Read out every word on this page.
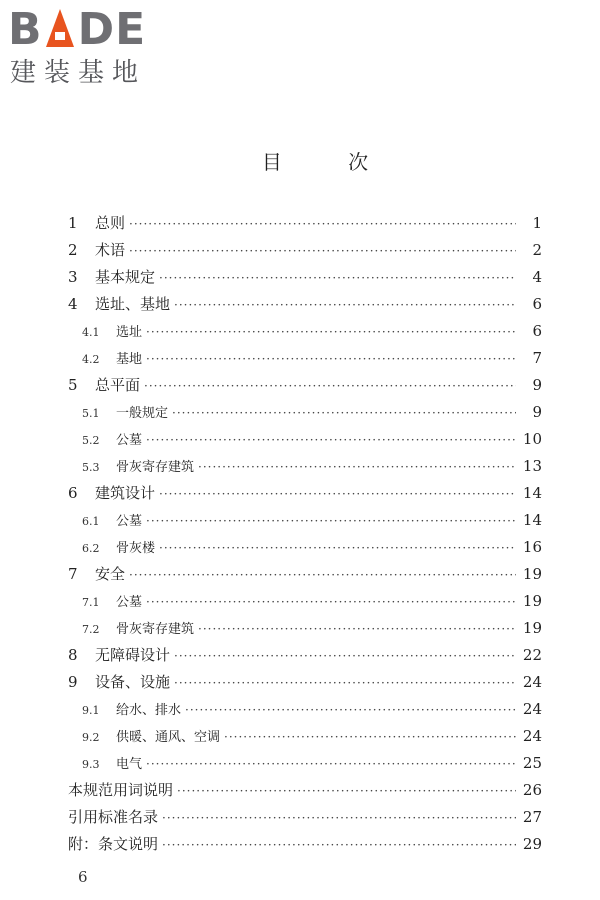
B DE
建装基地
目 次
1	总则 ·····	1
2	术语 ·····	2
3	基本规定 ·····	4
4	选址、基地 ·····	6
4.1	选址 ·····	6
4.2	基地 ·····	7
5	总平面 ·····	9
5.1	一般规定 ·····	9
5.2	公墓 ·····	10
5.3	骨灰寄存建筑 ·····	13
6	建筑设计 ·····	14
6.1	公墓 ·····	14
6.2	骨灰楼 ·····	16
7	安全 ·····	19
7.1	公墓 ·····	19
7.2	骨灰寄存建筑 ·····	19
8	无障碍设计 ·····	22
9	设备、设施 ·····	24
9.1	给水、排水 ·····	24
9.2	供暖、通风、空调 ·····	24
9.3	电气 ·····	25
本规范用词说明 ·····	26
引用标准名录 ·····	27
附：条文说明 ·····	29
6
